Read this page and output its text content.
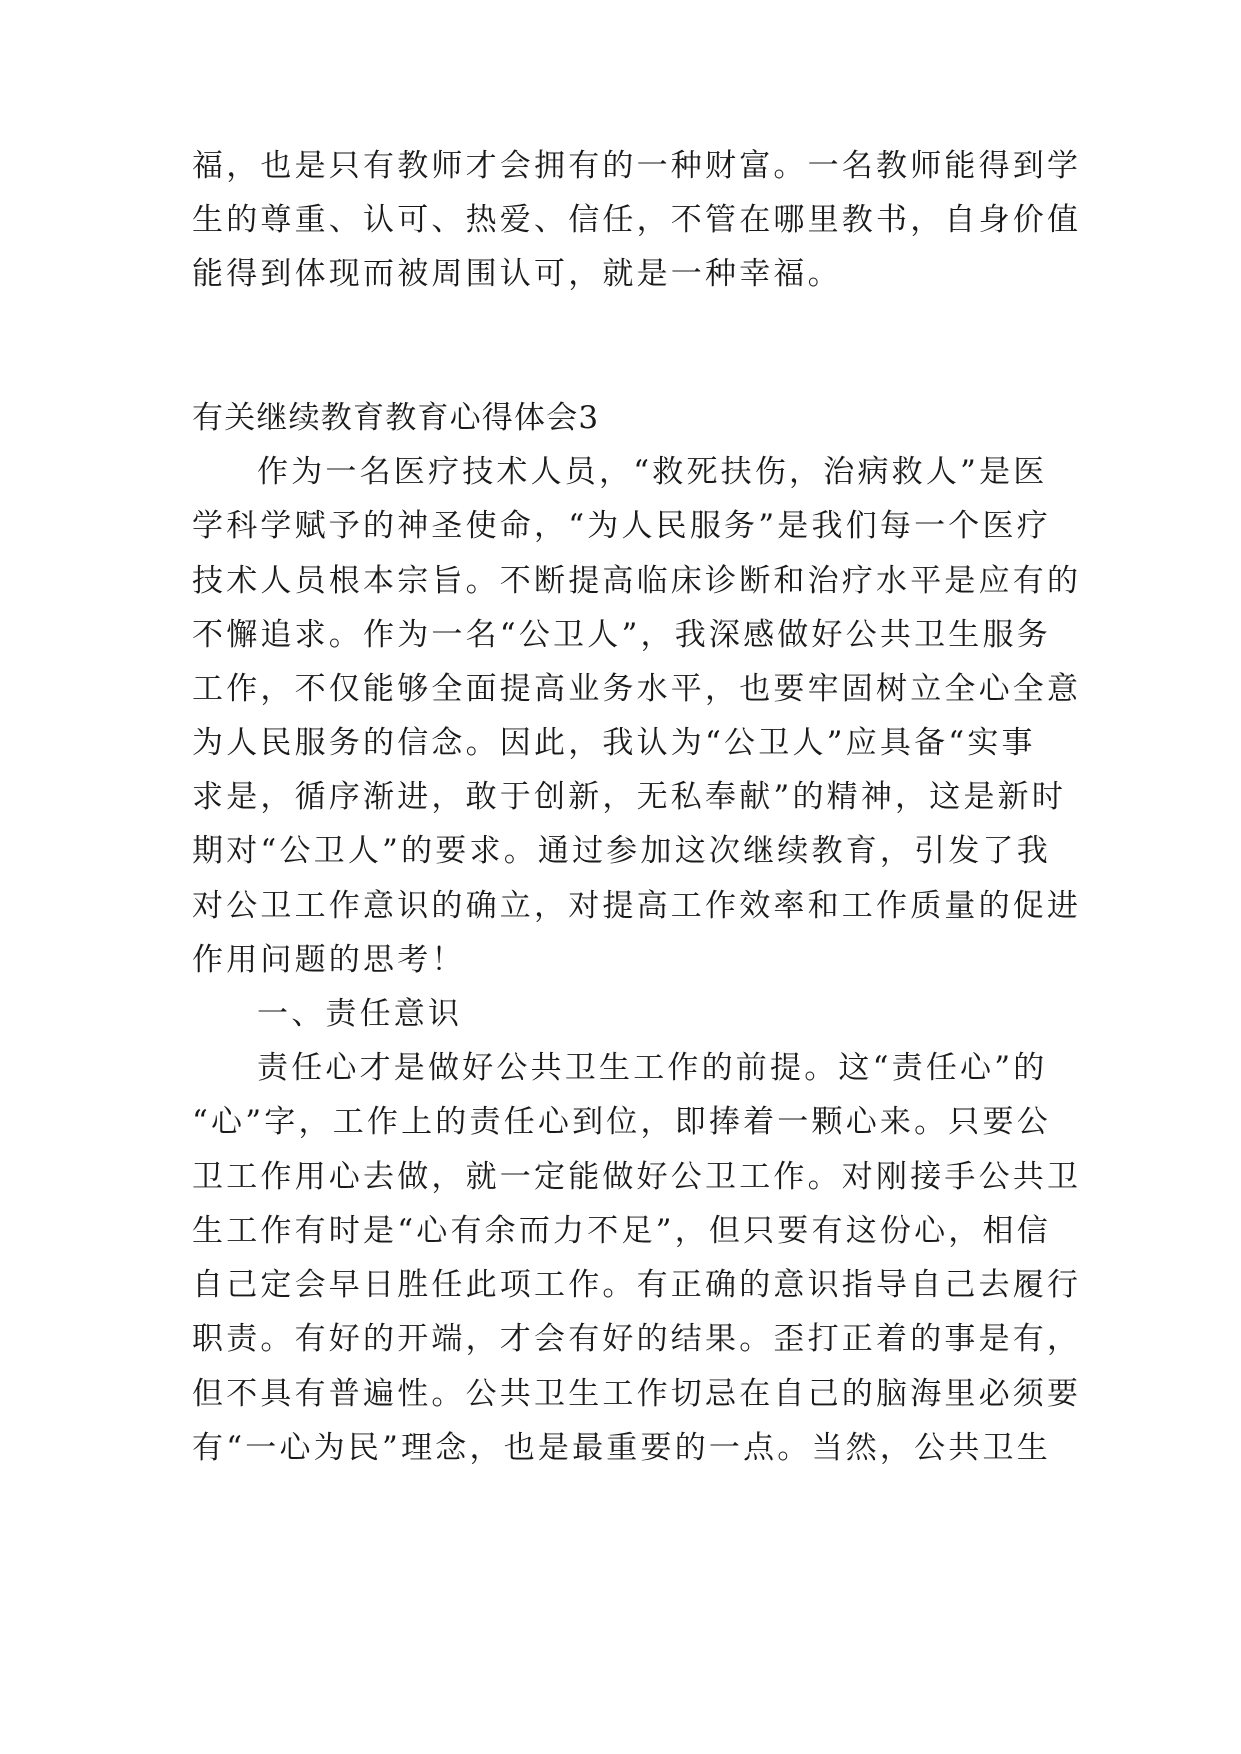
福，也是只有教师才会拥有的一种财富。一名教师能得到学
生的尊重、认可、热爱、信任，不管在哪里教书，自身价值
能得到体现而被周围认可，就是一种幸福。
有关继续教育教育心得体会3
作为一名医疗技术人员，“救死扶伤，治病救人”是医
学科学赋予的神圣使命，“为人民服务”是我们每一个医疗
技术人员根本宗旨。不断提高临床诊断和治疗水平是应有的
不懈追求。作为一名“公卫人”，我深感做好公共卫生服务
工作，不仅能够全面提高业务水平，也要牢固树立全心全意
为人民服务的信念。因此，我认为“公卫人”应具备“实事
求是，循序渐进，敢于创新，无私奉献”的精神，这是新时
期对“公卫人”的要求。通过参加这次继续教育，引发了我
对公卫工作意识的确立，对提高工作效率和工作质量的促进
作用问题的思考！
一、责任意识
责任心才是做好公共卫生工作的前提。这“责任心”的
“心”字，工作上的责任心到位，即捧着一颗心来。只要公
卫工作用心去做，就一定能做好公卫工作。对刚接手公共卫
生工作有时是“心有余而力不足”，但只要有这份心，相信
自己定会早日胜任此项工作。有正确的意识指导自己去履行
职责。有好的开端，才会有好的结果。歪打正着的事是有，
但不具有普遍性。公共卫生工作切忌在自己的脑海里必须要
有“一心为民”理念，也是最重要的一点。当然，公共卫生
